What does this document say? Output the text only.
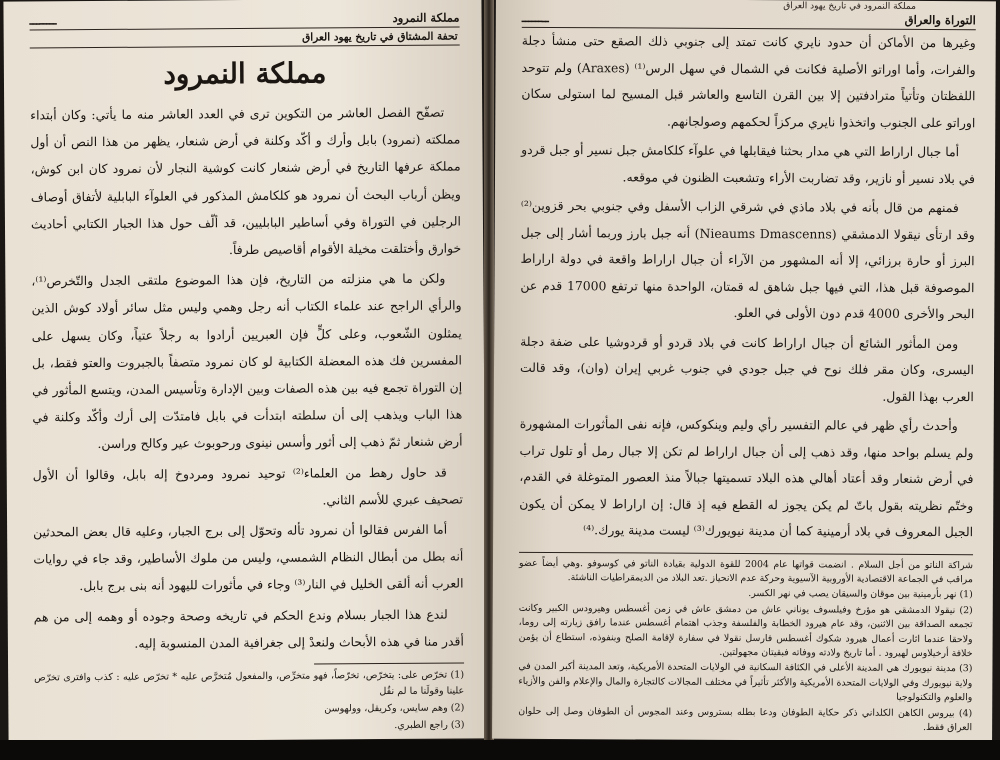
مملكة النمرود
ــــــــ
تحفة المشتاق في تاريخ يهود العراق
مملكة النمرود

تصفّح الفصل العاشر من التكوين ترى في العدد العاشر منه ما يأتي: وكان أبتداء مملكته (نمرود) بابل وأرك و أكّد وكلنة في أرض شنعار، يظهر من هذا النص أن أول مملكة عرفها التاريخ في أرض شنعار كانت كوشية النجار لأن نمرود كان ابن كوش، ويظن أرباب البحث أن نمرود هو كلكامش المذكور في العلوآء البابلية لأتفاق أوصاف الرجلين في التوراة وفي أساطير البابليين، قد ألّف حول هذا الجبار الكتابي أحاديث خوارق وأختلقت مخيلة الأقوام أقاصيص طرفاً.

ولكن ما هي منزلته من التاريخ، فإن هذا الموضوع ملتقى الجدل والتّخرص⁽¹⁾، والرأي الراجح عند علماء الكتاب أنه رجل وهمي وليس مثل سائر أولاد كوش الذين يمثلون الشّعوب، وعلى كلٍّ فإن العبريين أرادوا به رجلاً عتياً، وكان يسهل على المفسرين فك هذه المعضلة الكتابية لو كان نمرود متصفاً بالجبروت والعتو فقط، بل إن التوراة تجمع فيه بين هذه الصفات وبين الإدارة وتأسيس المدن، ويتسع المأثور في هذا الباب ويذهب إلى أن سلطته ابتدأت في بابل فامتدّت إلى أرك وأكّد وكلنة في أرض شنعار ثمّ ذهب إلى أثور وأسس نينوى ورحوبوث عير وكالح وراسن.

قد حاول رهط من العلماء⁽²⁾ توحيد نمرود ومردوخ إله بابل، وقالوا أن الأول تصحيف عبري للأسم الثاني.

أما الفرس فقالوا أن نمرود تأله وتحوّل إلى برج الجبار، وعليه قال بعض المحدثين أنه بطل من أبطال النظام الشمسي، وليس من ملوك الأساطير، وقد جاء في روايات العرب أنه ألقى الخليل في النار⁽³⁾ وجاء في مأثورات لليهود أنه بنى برج بابل.

لندع هذا الجبار بسلام وندع الحكم في تاريخه وصحة وجوده أو وهمه إلى من هم أقدر منا في هذه الأبحاث ولنعدْ إلى جغرافية المدن المنسوبة إليه.

(1) تخرّص على: يتخرّص، تخرّصاً، فهو متخرِّص، والمفعول مُتخرَّص عليه * تخرّص عليه : كذب وافترى تخرّص علينا وقولَنا ما لم نقُل

(2) وهم سايس، وكريقل، وولهوسن

(3) راجع الطبري.

مملكة النمرود في تاريخ يهود العراق
التوراة والعراق
ــــــــ

وغيرها من الأماكن أن حدود نايري كانت تمتد إلى جنوبي ذلك الصقع حتى منشأ دجلة والفرات، وأما اوراتو الأصلية فكانت في الشمال في سهل الرس⁽¹⁾ (Araxes) ولم تتوحد اللفظتان وتأتياً مترادفتين إلا بين القرن التاسع والعاشر قبل المسيح لما استولى سكان اوراتو على الجنوب واتخذوا نايري مركزاً لحكمهم وصولجانهم.

أما جبال اراراط التي هي مدار بحثنا فيقابلها في علوآء كلكامش جبل نسير أو جبل قردو في بلاد نسير أو نازير، وقد تضاربت الأراء وتشعبت الظنون في موقعه.

فمنهم من قال بأنه في بلاد ماذي في شرقي الزاب الأسفل وفي جنوبي بحر قزوين⁽²⁾ وقد ارتأى نيقولا الدمشقي (Nieaums Dmascenns) أنه جبل بارز وربما أشار إلى جبل البرز أو حارة برزائي، إلا أنه المشهور من الآراء أن جبال اراراط واقعة في دولة اراراط الموصوفة قبل هذا، التي فيها جبل شاهق له قمتان، الواحدة منها ترتفع 17000 قدم عن البحر والأخرى 4000 قدم دون الأولى في العلو.

ومن المأثور الشائع أن جبال اراراط كانت في بلاد قردو أو قردوشيا على ضفة دجلة اليسرى، وكان مقر فلك نوح في جبل جودي في جنوب غربي إيران (وان)، وقد قالت العرب بهذا القول.

وأحدث رأي ظهر في عالم التفسير رأي وليم وينكوكس، فإنه نفى المأثورات المشهورة ولم يسلم بواحد منها، وقد ذهب إلى أن جبال اراراط لم تكن إلا جبال رمل أو تلول تراب في أرض شنعار وقد أعتاد أهالي هذه البلاد تسميتها جبالاً منذ العصور المتوغلة في القدم، وختّم نظريته بقول باتّ لم يكن يجوز له القطع فيه إذ قال: إن اراراط لا يمكن أن يكون الجبل المعروف في بلاد أرمينية كما أن مدينة نيويورك⁽³⁾ ليست مدينة يورك.⁽⁴⁾

شراكة الناتو من أجل السلام . انضمت قواتها عام 2004 للقوة الدولية بقيادة الناتو في كوسوفو .وهي أيضاً عضو مراقب في الجماعة الاقتصادية الأوروبية الآسيوية وحركة عدم الانحياز .تعد البلاد من الديمقراطيات الناشئة.

(1) نهر بأرمينية بين موقان والسيقان يصب في نهر الكسر.

(2) نيقولا الدمشقي هو مؤرخ وفيلسوف يوناني عاش من دمشق عاش في زمن أغسطس وهيرودس الكبير وكانت تجمعه الصداقة بين الاثنين، وقد عام هيرود الخطابة والفلسفة وجذب اهتمام أغسطس عندما رافق زيارته إلى روما، ولاحقا عندما اثارت أعمال هيرود شكوك أغسطس فارسل نقولا في سفارة لإقامة الصلح وبنفوذه، استطاع أن يؤمن خلافة أرخيلاوس لهيرود . أما تاريخ ولادته ووفاته فبقيتان مجهولتين.

(3) مدينة نيويورك هي المدينة الأعلى في الكثافة السكانية في الولايات المتحدة الأمريكية، وتعد المدينة أكبر المدن في ولاية نيويورك وفي الولايات المتحدة الأمريكية والأكثر تأثيراً في مختلف المجالات كالتجارة والمال والإعلام والفن والأزياء والعلوم والتكنولوجيا

(4) بيروس الكاهن الكلداني ذكر حكاية الطوفان ودعا بطله بستروس وعند المجوس أن الطوفان وصل إلى حلوان العراق فقط.
